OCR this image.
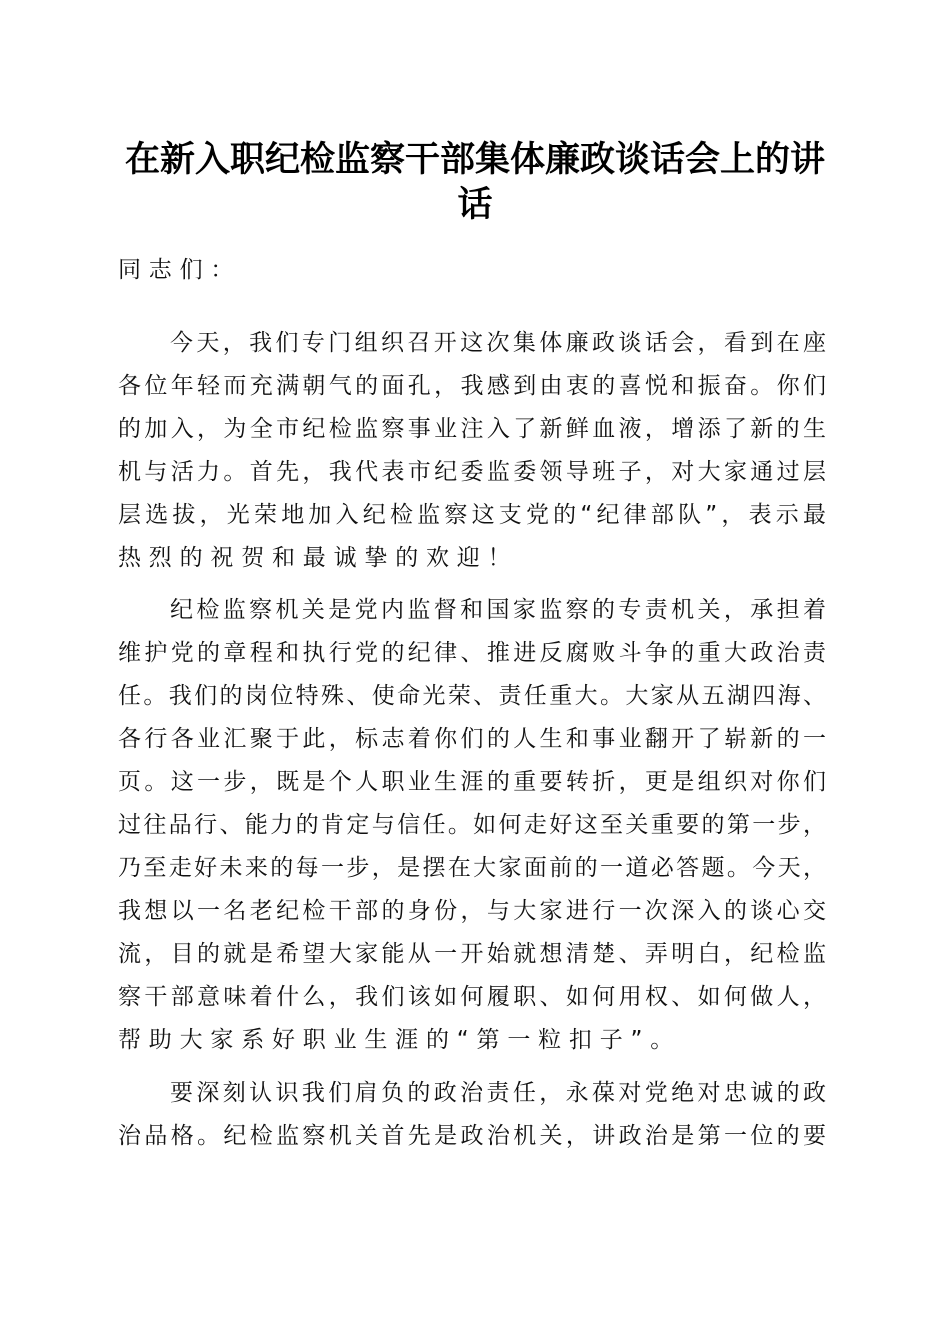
在新入职纪检监察干部集体廉政谈话会上的讲
话
同志们：
今天，我们专门组织召开这次集体廉政谈话会，看到在座
各位年轻而充满朝气的面孔，我感到由衷的喜悦和振奋。你们
的加入，为全市纪检监察事业注入了新鲜血液，增添了新的生
机与活力。首先，我代表市纪委监委领导班子，对大家通过层
层选拔，光荣地加入纪检监察这支党的“纪律部队”，表示最
热烈的祝贺和最诚挚的欢迎！
纪检监察机关是党内监督和国家监察的专责机关，承担着
维护党的章程和执行党的纪律、推进反腐败斗争的重大政治责
任。我们的岗位特殊、使命光荣、责任重大。大家从五湖四海、
各行各业汇聚于此，标志着你们的人生和事业翻开了崭新的一
页。这一步，既是个人职业生涯的重要转折，更是组织对你们
过往品行、能力的肯定与信任。如何走好这至关重要的第一步，
乃至走好未来的每一步，是摆在大家面前的一道必答题。今天，
我想以一名老纪检干部的身份，与大家进行一次深入的谈心交
流，目的就是希望大家能从一开始就想清楚、弄明白，纪检监
察干部意味着什么，我们该如何履职、如何用权、如何做人，
帮助大家系好职业生涯的“第一粒扣子”。
要深刻认识我们肩负的政治责任，永葆对党绝对忠诚的政
治品格。纪检监察机关首先是政治机关，讲政治是第一位的要
